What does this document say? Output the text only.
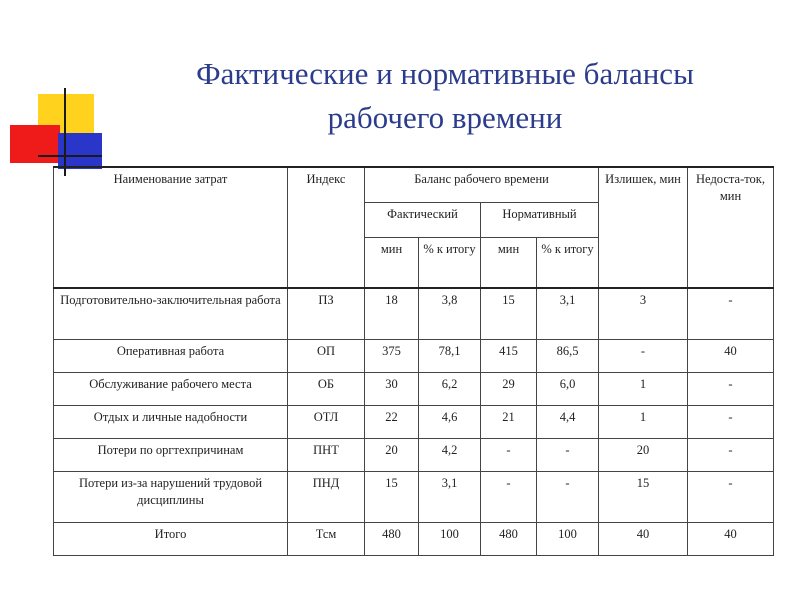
Фактические и нормативные балансы
рабочего времени
Наименование затрат	Индекс	Баланс рабочего времени				Излишек, мин	Недоста-ток, мин
		Фактический		Нормативный			
		мин	% к итогу	мин	% к итогу		
Подготовительно-заключительная работа	ПЗ	18	3,8	15	3,1	3	-
Оперативная работа	ОП	375	78,1	415	86,5	-	40
Обслуживание рабочего места	ОБ	30	6,2	29	6,0	1	-
Отдых и личные надобности	ОТЛ	22	4,6	21	4,4	1	-
Потери по оргтехпричинам	ПНТ	20	4,2	-	-	20	-
Потери из-за нарушений трудовой дисциплины	ПНД	15	3,1	-	-	15	-
Итого	Тсм	480	100	480	100	40	40
